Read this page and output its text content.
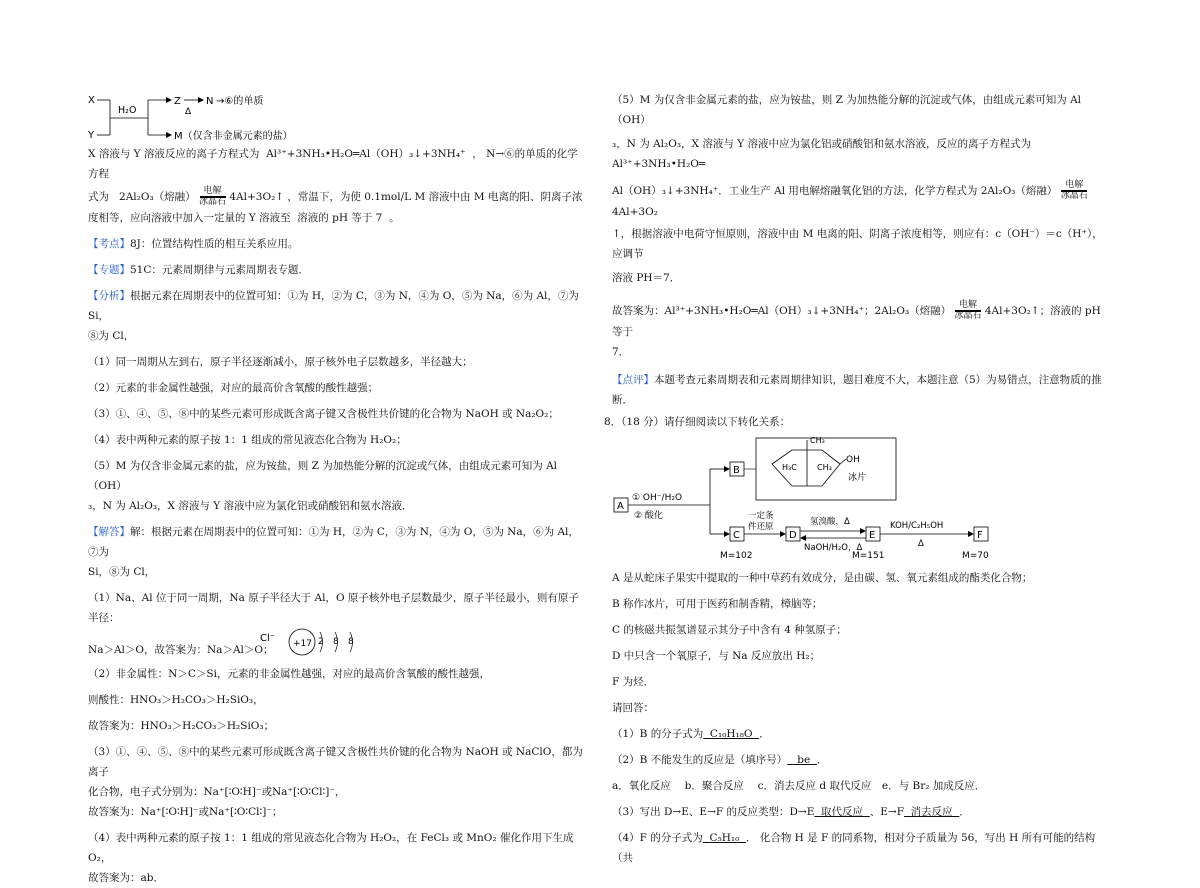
X
Y
H₂O
Z
Δ
N →⑥的单质
M（仅含非金属元素的盐）

X 溶液与 Y 溶液反应的离子方程式为  Al³⁺+3NH₃•H₂O═Al（OH）₃↓+3NH₄⁺  ， N→⑥的单质的化学方程

式为   2Al₂O₃（熔融） 电解
冰晶石 4Al+3O₂↑ ，常温下，为使 0.1mol/L M 溶液中由 M 电离的阳、阴离子浓

度相等，应向溶液中加入一定量的 Y 溶液至  溶液的 pH 等于 7  。

【考点】8J：位置结构性质的相互关系应用。

【专题】51C：元素周期律与元素周期表专题．

【分析】根据元素在周期表中的位置可知：①为 H，②为 C，③为 N，④为 O，⑤为 Na，⑥为 Al，⑦为 Si，

⑧为 Cl，

（1）同一周期从左到右，原子半径逐渐减小，原子核外电子层数越多，半径越大；

（2）元素的非金属性越强，对应的最高价含氧酸的酸性越强；

（3）①、④、⑤、⑧中的某些元素可形成既含离子键又含极性共价键的化合物为 NaOH 或 Na₂O₂；

（4）表中两种元素的原子按 1：1 组成的常见液态化合物为 H₂O₂；

（5）M 为仅含非金属元素的盐，应为铵盐，则 Z 为加热能分解的沉淀或气体，由组成元素可知为 Al（OH）

₃，N 为 Al₂O₃，X 溶液与 Y 溶液中应为氯化铝或硝酸铝和氨水溶液．

【解答】解：根据元素在周期表中的位置可知：①为 H，②为 C，③为 N，④为 O，⑤为 Na，⑥为 Al，⑦为

Si，⑧为 Cl，

（1）Na、Al 位于同一周期，Na 原子半径大于 Al，O 原子核外电子层数最少，原子半径最小，则有原子半径：

Na＞Al＞O，故答案为：Na＞Al＞O；
Cl⁻ +17 2 8 8

（2）非金属性：N＞C＞Si，元素的非金属性越强，对应的最高价含氧酸的酸性越强，

则酸性：HNO₃＞H₂CO₃＞H₂SiO₃，

故答案为：HNO₃＞H₂CO₃＞H₂SiO₃；

（3）①、④、⑤、⑧中的某些元素可形成既含离子键又含极性共价键的化合物为 NaOH 或 NaClO，都为离子

化合物，电子式分别为：Na⁺[∶O∶H]⁻或Na⁺[∶O∶Cl∶]⁻，

故答案为：Na⁺[∶O∶H]⁻或Na⁺[∶O∶Cl∶]⁻；

（4）表中两种元素的原子按 1：1 组成的常见液态化合物为 H₂O₂，在 FeCl₃ 或 MnO₂ 催化作用下生成 O₂，

故答案为：ab．

（5）M 为仅含非金属元素的盐，应为铵盐，则 Z 为加热能分解的沉淀或气体，由组成元素可知为 Al（OH）

₃，N 为 Al₂O₃，X 溶液与 Y 溶液中应为氯化铝或硝酸铝和氨水溶液，反应的离子方程式为 Al³⁺+3NH₃•H₂O═

Al（OH）₃↓+3NH₄⁺．工业生产 Al 用电解熔融氧化铝的方法，化学方程式为 2Al₂O₃（熔融） 电解
冰晶石 4Al+3O₂

↑，根据溶液中电荷守恒原则，溶液中由 M 电离的阳、阴离子浓度相等，则应有：c（OH⁻）＝c（H⁺），应调节

溶液 PH＝7．

故答案为：Al³⁺+3NH₃•H₂O═Al（OH）₃↓+3NH₄⁺；2Al₂O₃（熔融） 电解
冰晶石 4Al+3O₂↑；溶液的 pH 等于

7．

【点评】本题考查元素周期表和元素周期律知识，题目难度不大，本题注意（5）为易错点，注意物质的推断．

8．（18 分）请仔细阅读以下转化关系：

CH₃
H₃C	CH₃
OH
冰片
B
A
① OH⁻/H₂O
② 酸化
C
M=102
一定条
件还原
D
氢溴酸，Δ
NaOH/H₂O，Δ
E
M=151
KOH/C₂H₅OH
Δ
F
M=70

A 是从蛇床子果实中提取的一种中草药有效成分，是由碳、氢、氧元素组成的酯类化合物；

B 称作冰片，可用于医药和制香精，樟脑等；

C 的核磁共振氢谱显示其分子中含有 4 种氢原子；

D 中只含一个氧原子，与 Na 反应放出 H₂；

F 为烃．

请回答：

（1）B 的分子式为  C₁₀H₁₈O  ．

（2）B 不能发生的反应是（填序号）   be  ．

a．氧化反应　 b．聚合反应　 c．消去反应 d 取代反应　e．与 Br₂ 加成反应．

（3）写出 D→E、E→F 的反应类型：D→E  取代反应  、E→F  消去反应  ．

（4）F 的分子式为  C₅H₁₀  ． 化合物 H 是 F 的同系物，相对分子质量为 56，写出 H 所有可能的结构（共
